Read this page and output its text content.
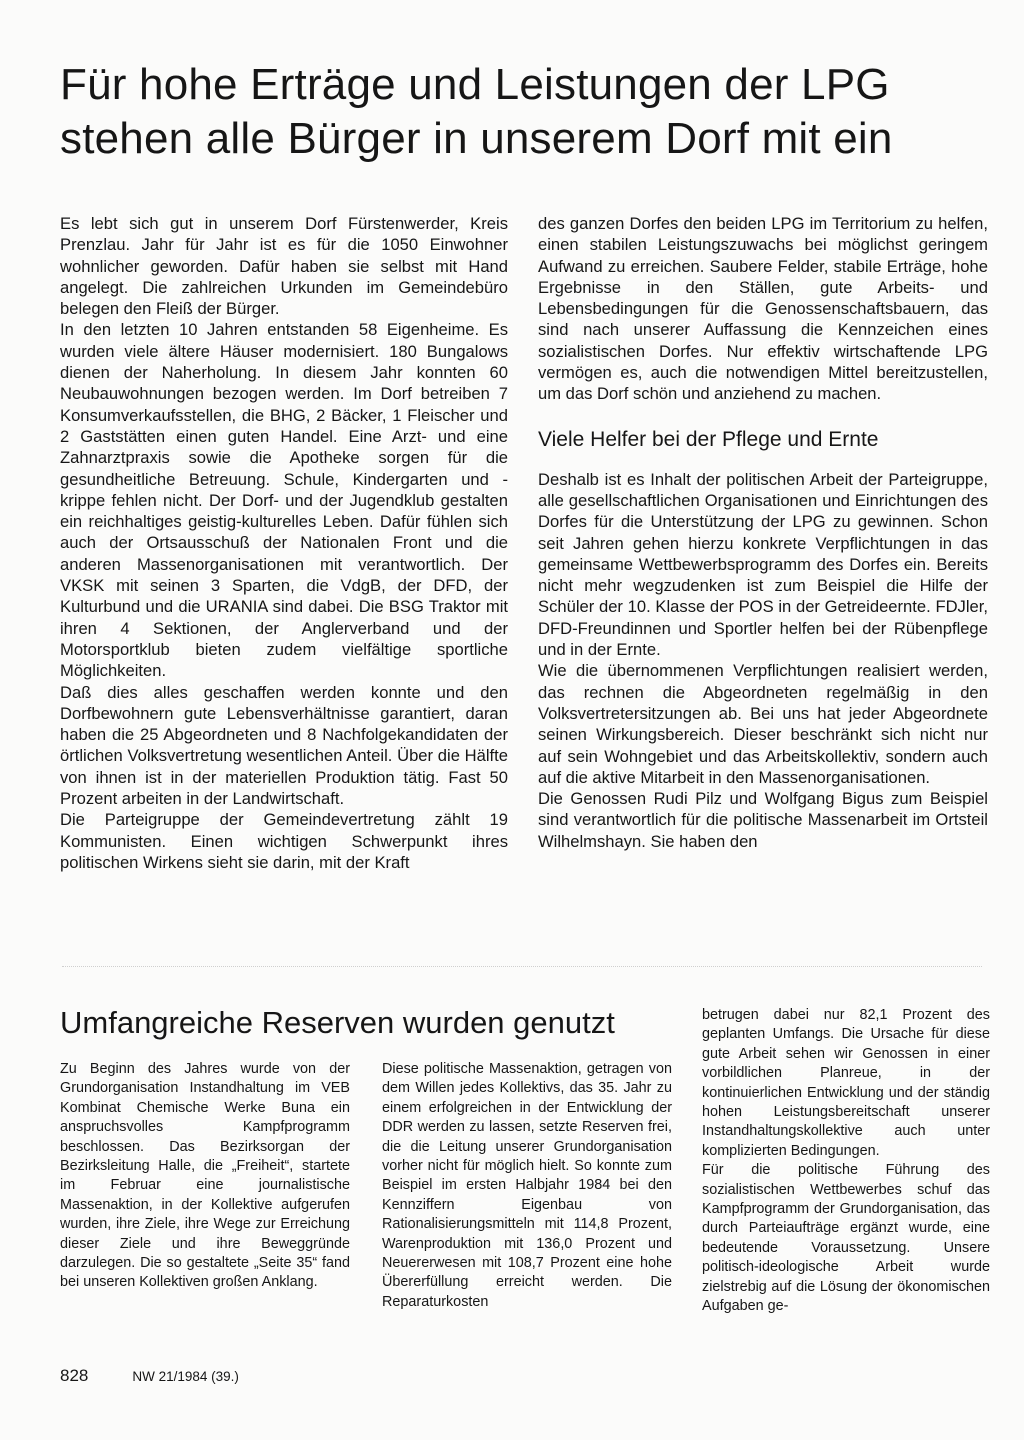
Für hohe Erträge und Leistungen der LPG
stehen alle Bürger in unserem Dorf mit ein

Es lebt sich gut in unserem Dorf Fürstenwerder, Kreis Prenzlau. Jahr für Jahr ist es für die 1050 Einwohner wohnlicher geworden. Dafür haben sie selbst mit Hand angelegt. Die zahlreichen Urkunden im Gemeindebüro belegen den Fleiß der Bürger.

In den letzten 10 Jahren entstanden 58 Eigenheime. Es wurden viele ältere Häuser modernisiert. 180 Bungalows dienen der Naherholung. In diesem Jahr konnten 60 Neubauwohnungen bezogen werden. Im Dorf betreiben 7 Konsumverkaufsstellen, die BHG, 2 Bäcker, 1 Fleischer und 2 Gaststätten einen guten Handel. Eine Arzt- und eine Zahnarztpraxis sowie die Apotheke sorgen für die gesundheitliche Betreuung. Schule, Kindergarten und -krippe fehlen nicht. Der Dorf- und der Jugendklub gestalten ein reichhaltiges geistig-kulturelles Leben. Dafür fühlen sich auch der Ortsausschuß der Nationalen Front und die anderen Massenorganisationen mit verantwortlich. Der VKSK mit seinen 3 Sparten, die VdgB, der DFD, der Kulturbund und die URANIA sind dabei. Die BSG Traktor mit ihren 4 Sektionen, der Anglerverband und der Motorsportklub bieten zudem vielfältige sportliche Möglichkeiten.

Daß dies alles geschaffen werden konnte und den Dorfbewohnern gute Lebensverhältnisse garantiert, daran haben die 25 Abgeordneten und 8 Nachfolgekandidaten der örtlichen Volksvertretung wesentlichen Anteil. Über die Hälfte von ihnen ist in der materiellen Produktion tätig. Fast 50 Prozent arbeiten in der Landwirtschaft.

Die Parteigruppe der Gemeindevertretung zählt 19 Kommunisten. Einen wichtigen Schwerpunkt ihres politischen Wirkens sieht sie darin, mit der Kraft

des ganzen Dorfes den beiden LPG im Territorium zu helfen, einen stabilen Leistungszuwachs bei möglichst geringem Aufwand zu erreichen. Saubere Felder, stabile Erträge, hohe Ergebnisse in den Ställen, gute Arbeits- und Lebensbedingungen für die Genossenschaftsbauern, das sind nach unserer Auffassung die Kennzeichen eines sozialistischen Dorfes. Nur effektiv wirtschaftende LPG vermögen es, auch die notwendigen Mittel bereitzustellen, um das Dorf schön und anziehend zu machen.

Viele Helfer bei der Pflege und Ernte

Deshalb ist es Inhalt der politischen Arbeit der Parteigruppe, alle gesellschaftlichen Organisationen und Einrichtungen des Dorfes für die Unterstützung der LPG zu gewinnen. Schon seit Jahren gehen hierzu konkrete Verpflichtungen in das gemeinsame Wettbewerbsprogramm des Dorfes ein. Bereits nicht mehr wegzudenken ist zum Beispiel die Hilfe der Schüler der 10. Klasse der POS in der Getreideernte. FDJler, DFD-Freundinnen und Sportler helfen bei der Rübenpflege und in der Ernte.

Wie die übernommenen Verpflichtungen realisiert werden, das rechnen die Abgeordneten regelmäßig in den Volksvertretersitzungen ab. Bei uns hat jeder Abgeordnete seinen Wirkungsbereich. Dieser beschränkt sich nicht nur auf sein Wohngebiet und das Arbeitskollektiv, sondern auch auf die aktive Mitarbeit in den Massenorganisationen.

Die Genossen Rudi Pilz und Wolfgang Bigus zum Beispiel sind verantwortlich für die politische Massenarbeit im Ortsteil Wilhelmshayn. Sie haben den

Umfangreiche Reserven wurden genutzt

Zu Beginn des Jahres wurde von der Grundorganisation Instandhaltung im VEB Kombinat Chemische Werke Buna ein anspruchsvolles Kampfprogramm beschlossen. Das Bezirksorgan der Bezirksleitung Halle, die „Freiheit“, startete im Februar eine journalistische Massenaktion, in der Kollektive aufgerufen wurden, ihre Ziele, ihre Wege zur Erreichung dieser Ziele und ihre Beweggründe darzulegen. Die so gestaltete „Seite 35“ fand bei unseren Kollektiven großen Anklang.

Diese politische Massenaktion, getragen von dem Willen jedes Kollektivs, das 35. Jahr zu einem erfolgreichen in der Entwicklung der DDR werden zu lassen, setzte Reserven frei, die die Leitung unserer Grundorganisation vorher nicht für möglich hielt. So konnte zum Beispiel im ersten Halbjahr 1984 bei den Kennziffern Eigenbau von Rationalisierungsmitteln mit 114,8 Prozent, Warenproduktion mit 136,0 Prozent und Neuererwesen mit 108,7 Prozent eine hohe Übererfüllung erreicht werden. Die Reparaturkosten

betrugen dabei nur 82,1 Prozent des geplanten Umfangs. Die Ursache für diese gute Arbeit sehen wir Genossen in einer vorbildlichen Planreue, in der kontinuierlichen Entwicklung und der ständig hohen Leistungsbereitschaft unserer Instandhaltungskollektive auch unter komplizierten Bedingungen.

Für die politische Führung des sozialistischen Wettbewerbes schuf das Kampfprogramm der Grundorganisation, das durch Parteiaufträge ergänzt wurde, eine bedeutende Voraussetzung. Unsere politisch-ideologische Arbeit wurde zielstrebig auf die Lösung der ökonomischen Aufgaben ge-

828	NW 21/1984 (39.)
